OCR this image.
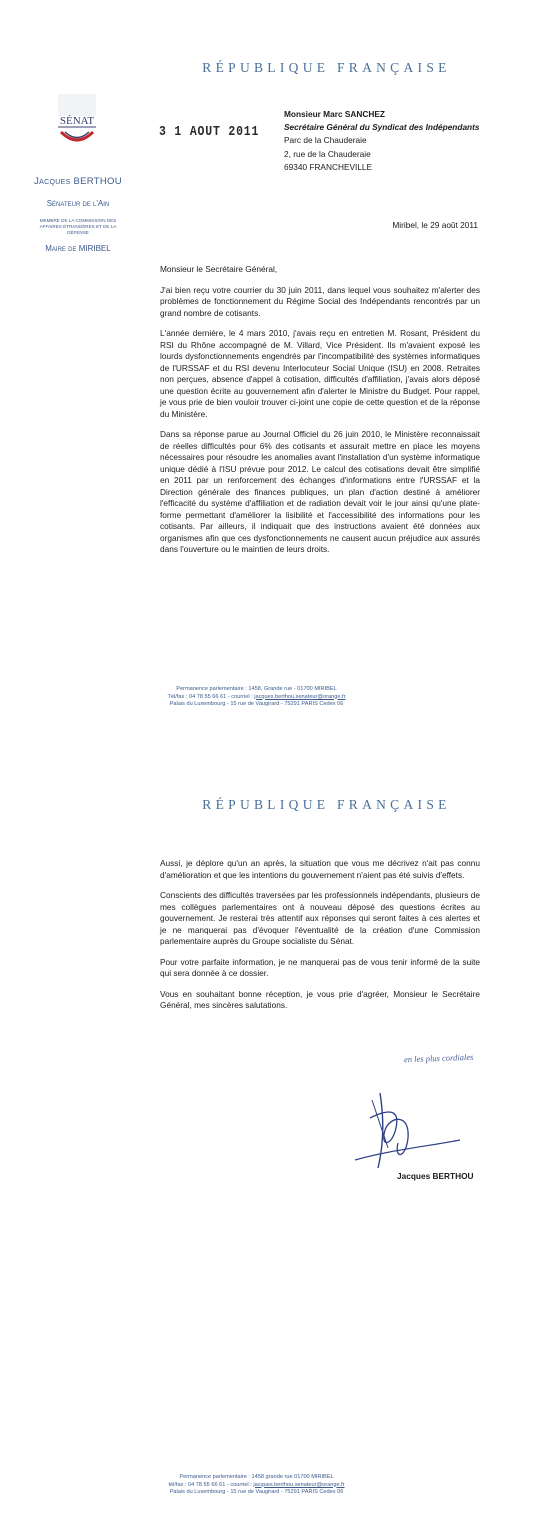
RÉPUBLIQUE FRANÇAISE
SÉNAT
Jacques BERTHOU
Sénateur de l'Ain
MEMBRE DE LA COMMISSION DES AFFAIRES ÉTRANGÈRES ET DE LA DÉFENSE
Maire de MIRIBEL
3 1 AOUT 2011
Monsieur Marc SANCHEZ
Secrétaire Général du Syndicat des Indépendants
Parc de la Chauderaie
2, rue de la Chauderaie
69340 FRANCHEVILLE
Miribel, le 29 août 2011

Monsieur le Secrétaire Général,

J'ai bien reçu votre courrier du 30 juin 2011, dans lequel vous souhaitez m'alerter des problèmes de fonctionnement du Régime Social des Indépendants rencontrés par un grand nombre de cotisants.

L'année dernière, le 4 mars 2010, j'avais reçu en entretien M. Rosant, Président du RSI du Rhône accompagné de M. Villard, Vice Président. Ils m'avaient exposé les lourds dysfonctionnements engendrés par l'incompatibilité des systèmes informatiques de l'URSSAF et du RSI devenu Interlocuteur Social Unique (ISU) en 2008. Retraites non perçues, absence d'appel à cotisation, difficultés d'affiliation, j'avais alors déposé une question écrite au gouvernement afin d'alerter le Ministre du Budget. Pour rappel, je vous prie de bien vouloir trouver ci-joint une copie de cette question et de la réponse du Ministère.

Dans sa réponse parue au Journal Officiel du 26 juin 2010, le Ministère reconnaissait de réelles difficultés pour 6% des cotisants et assurait mettre en place les moyens nécessaires pour résoudre les anomalies avant l'installation d'un système informatique unique dédié à l'ISU prévue pour 2012. Le calcul des cotisations devait être simplifié en 2011 par un renforcement des échanges d'informations entre l'URSSAF et la Direction générale des finances publiques, un plan d'action destiné à améliorer l'efficacité du système d'affiliation et de radiation devait voir le jour ainsi qu'une plate-forme permettant d'améliorer la lisibilité et l'accessibilité des informations pour les cotisants. Par ailleurs, il indiquait que des instructions avaient été données aux organismes afin que ces dysfonctionnements ne causent aucun préjudice aux assurés dans l'ouverture ou le maintien de leurs droits.

Permanence parlementaire : 1458, Grande rue - 01700 MIRIBEL
Tél/fax : 04 78 55 66 61 - courriel : jacques.berthou.senateur@orange.fr
Palais du Luxembourg - 15 rue de Vaugirard - 75291 PARIS Cedex 06
RÉPUBLIQUE FRANÇAISE

Aussi, je déplore qu'un an après, la situation que vous me décrivez n'ait pas connu d'amélioration et que les intentions du gouvernement n'aient pas été suivis d'effets.

Conscients des difficultés traversées par les professionnels indépendants, plusieurs de mes collègues parlementaires ont à nouveau déposé des questions écrites au gouvernement. Je resterai très attentif aux réponses qui seront faites à ces alertes et je ne manquerai pas d'évoquer l'éventualité de la création d'une Commission parlementaire auprès du Groupe socialiste du Sénat.

Pour votre parfaite information, je ne manquerai pas de vous tenir informé de la suite qui sera donnée à ce dossier.

Vous en souhaitant bonne réception, je vous prie d'agréer, Monsieur le Secrétaire Général, mes sincères salutations.

en les plus cordiales
Jacques BERTHOU
Permanence parlementaire : 1458 grande rue 01700 MIRIBEL
tél/fax : 04 78 55 66 61 - courriel : jacques.berthou.senateur@orange.fr
Palais du Luxembourg - 15 rue de Vaugirard - 75291 PARIS Cedex 06
